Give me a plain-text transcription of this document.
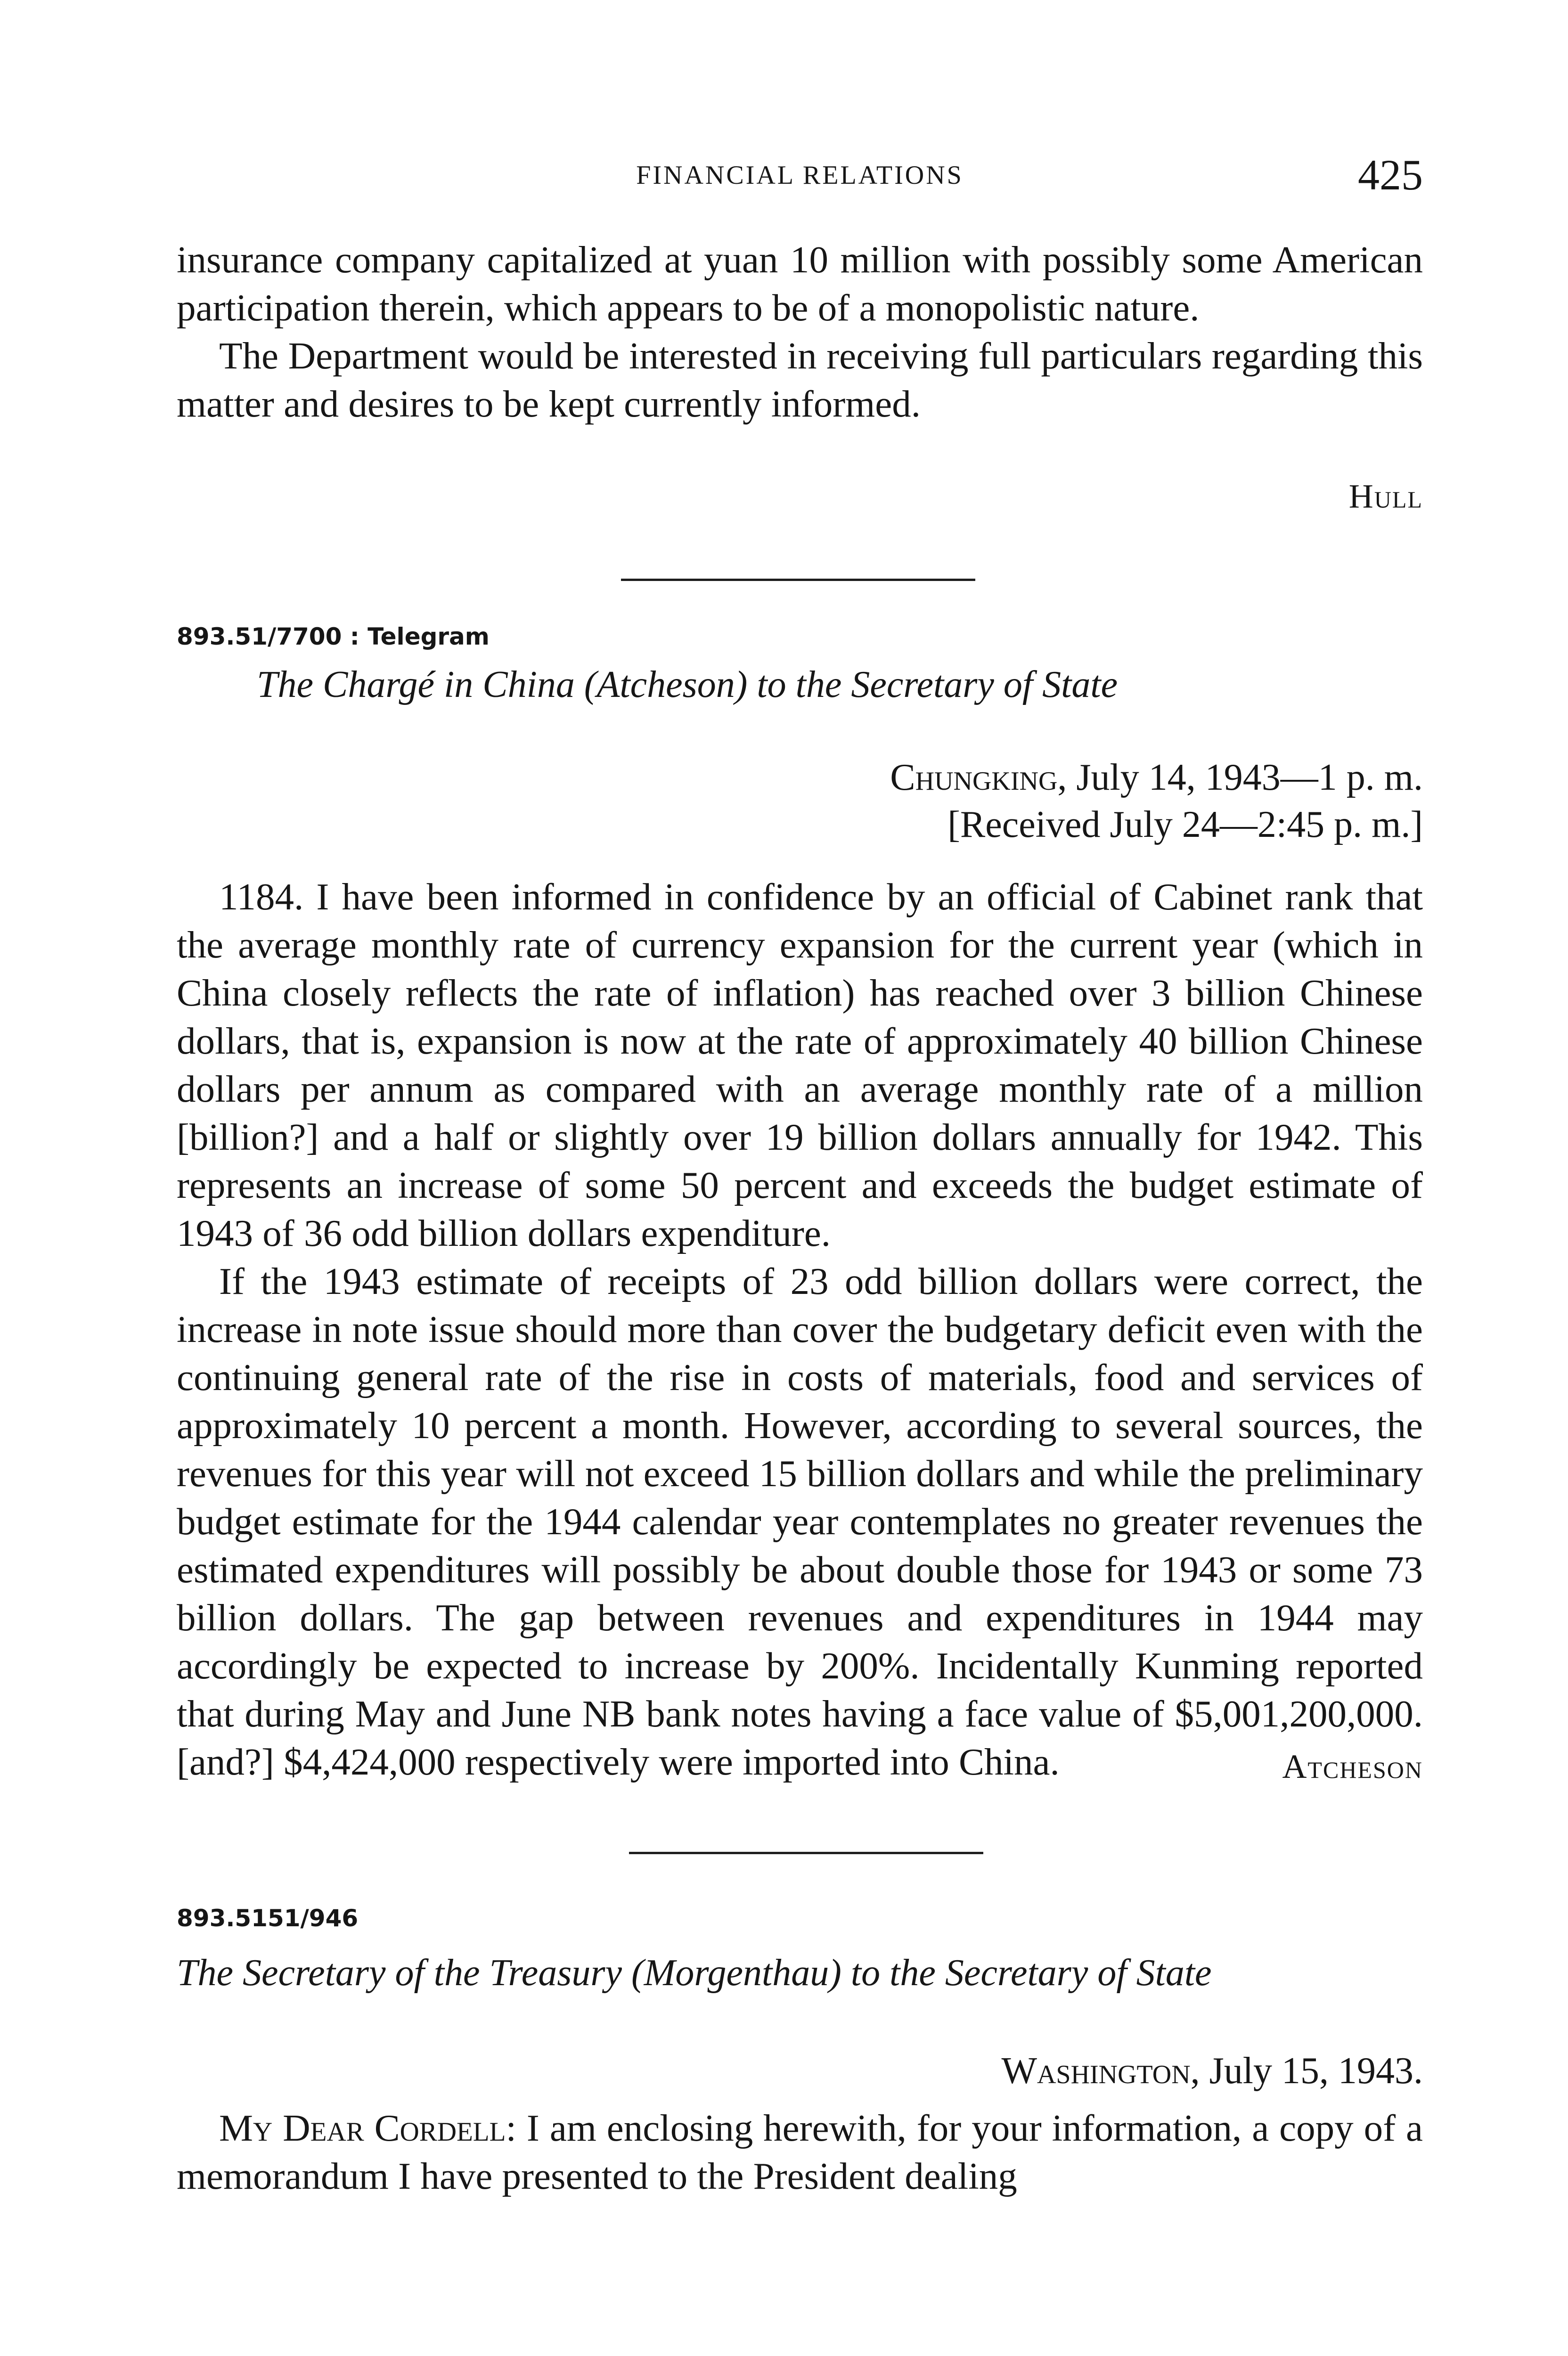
FINANCIAL RELATIONS	425

insurance company capitalized at yuan 10 million with possibly some American participation therein, which appears to be of a monopolistic nature.

The Department would be interested in receiving full particulars regarding this matter and desires to be kept currently informed.

Hull
893.51/7700 : Telegram
The Chargé in China (Atcheson) to the Secretary of State
Chungking, July 14, 1943—1 p. m.
[Received July 24—2:45 p. m.]

1184. I have been informed in confidence by an official of Cabinet rank that the average monthly rate of currency expansion for the current year (which in China closely reflects the rate of inflation) has reached over 3 billion Chinese dollars, that is, expansion is now at the rate of approximately 40 billion Chinese dollars per annum as compared with an average monthly rate of a million [billion?] and a half or slightly over 19 billion dollars annually for 1942. This represents an increase of some 50 percent and exceeds the budget estimate of 1943 of 36 odd billion dollars expenditure.

If the 1943 estimate of receipts of 23 odd billion dollars were correct, the increase in note issue should more than cover the budgetary deficit even with the continuing general rate of the rise in costs of materials, food and services of approximately 10 percent a month. However, according to several sources, the revenues for this year will not exceed 15 billion dollars and while the preliminary budget estimate for the 1944 calendar year contemplates no greater revenues the estimated expenditures will possibly be about double those for 1943 or some 73 billion dollars. The gap between revenues and expenditures in 1944 may accordingly be expected to increase by 200%. Incidentally Kunming reported that during May and June NB bank notes having a face value of $5,001,200,000. [and?] $4,424,000 respectively were imported into China.	Atcheson
893.5151/946
The Secretary of the Treasury (Morgenthau) to the Secretary of State
Washington, July 15, 1943.

My Dear Cordell: I am enclosing herewith, for your information, a copy of a memorandum I have presented to the President dealing
